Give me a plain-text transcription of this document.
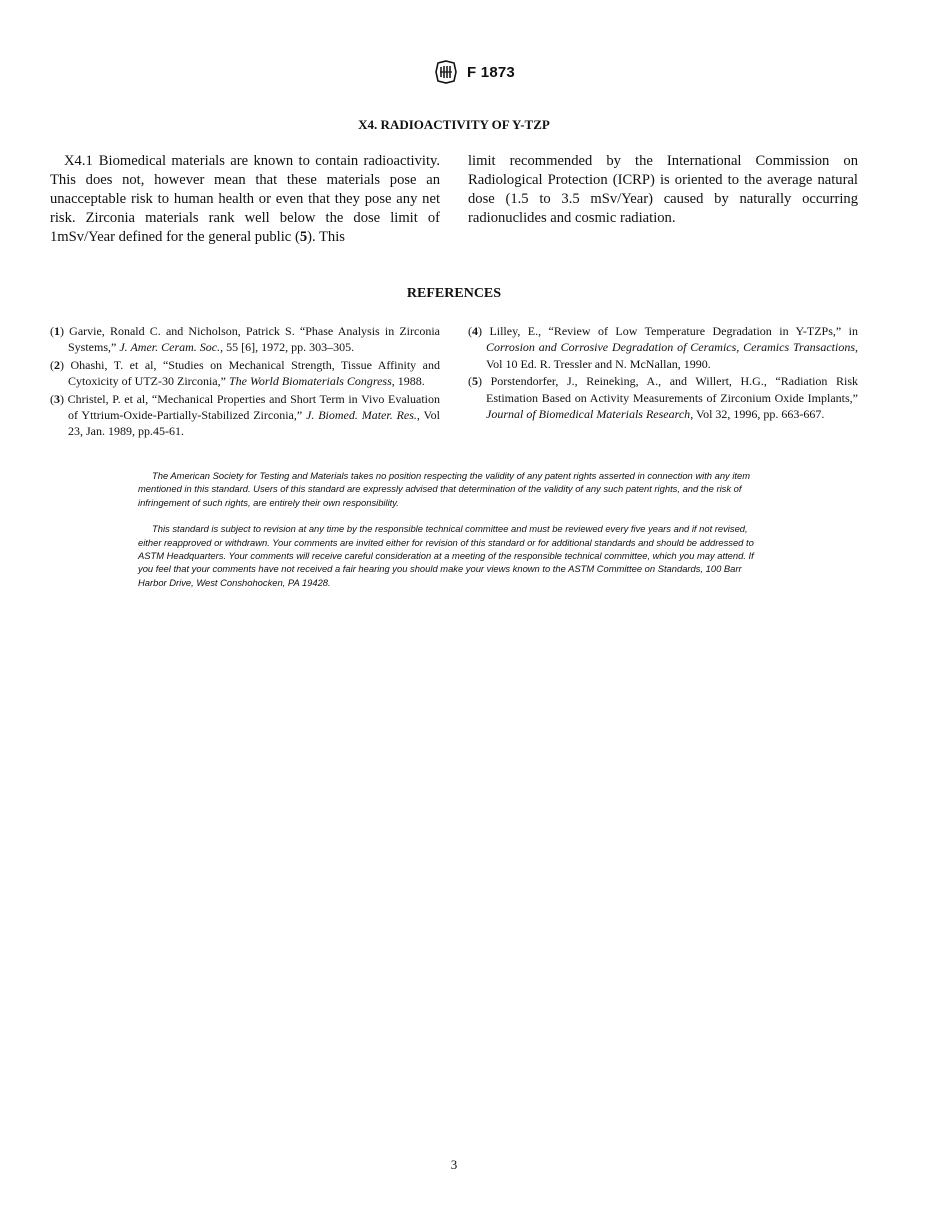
F 1873
X4. RADIOACTIVITY OF Y-TZP
X4.1 Biomedical materials are known to contain radioactivity. This does not, however mean that these materials pose an unacceptable risk to human health or even that they pose any net risk. Zirconia materials rank well below the dose limit of 1mSv/Year defined for the general public (5). This
limit recommended by the International Commission on Radiological Protection (ICRP) is oriented to the average natural dose (1.5 to 3.5 mSv/Year) caused by naturally occurring radionuclides and cosmic radiation.
REFERENCES
(1) Garvie, Ronald C. and Nicholson, Patrick S. “Phase Analysis in Zirconia Systems,” J. Amer. Ceram. Soc., 55 [6], 1972, pp. 303–305.
(2) Ohashi, T. et al, “Studies on Mechanical Strength, Tissue Affinity and Cytoxicity of UTZ-30 Zirconia,” The World Biomaterials Congress, 1988.
(3) Christel, P. et al, “Mechanical Properties and Short Term in Vivo Evaluation of Yttrium-Oxide-Partially-Stabilized Zirconia,” J. Biomed. Mater. Res., Vol 23, Jan. 1989, pp.45-61.
(4) Lilley, E., “Review of Low Temperature Degradation in Y-TZPs,” in Corrosion and Corrosive Degradation of Ceramics, Ceramics Transactions, Vol 10 Ed. R. Tressler and N. McNallan, 1990.
(5) Porstendorfer, J., Reineking, A., and Willert, H.G., “Radiation Risk Estimation Based on Activity Measurements of Zirconium Oxide Implants,” Journal of Biomedical Materials Research, Vol 32, 1996, pp. 663-667.

The American Society for Testing and Materials takes no position respecting the validity of any patent rights asserted in connection with any item mentioned in this standard. Users of this standard are expressly advised that determination of the validity of any such patent rights, and the risk of infringement of such rights, are entirely their own responsibility.

This standard is subject to revision at any time by the responsible technical committee and must be reviewed every five years and if not revised, either reapproved or withdrawn. Your comments are invited either for revision of this standard or for additional standards and should be addressed to ASTM Headquarters. Your comments will receive careful consideration at a meeting of the responsible technical committee, which you may attend. If you feel that your comments have not received a fair hearing you should make your views known to the ASTM Committee on Standards, 100 Barr Harbor Drive, West Conshohocken, PA 19428.

3
